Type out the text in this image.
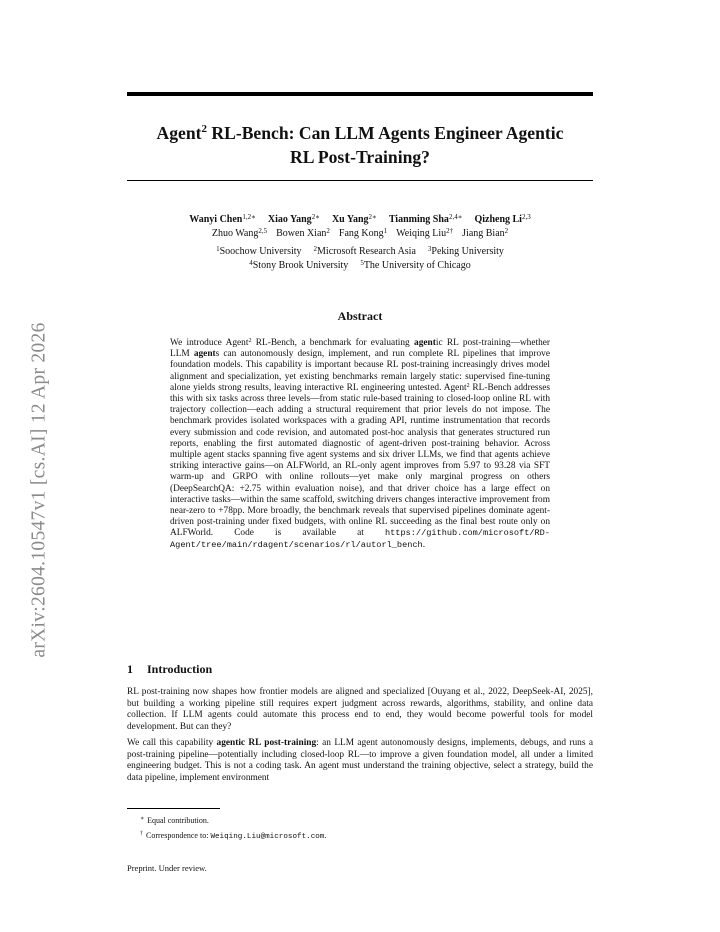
arXiv:2604.10547v1 [cs.AI] 12 Apr 2026
Agent$^2$ RL-Bench: Can LLM Agents Engineer Agentic
RL Post-Training?
Wanyi Chen$^{1,2∗}$ Xiao Yang$^{2∗}$ Xu Yang$^{2∗}$ Tianming Sha$^{2,4∗}$ Qizheng Li$^{2,3}$
Zhuo Wang$^{2,5}$ Bowen Xian$^2$ Fang Kong$^1$ Weiqing Liu$^{2\dagger}$ Jiang Bian$^2$
$^1$Soochow University $^2$Microsoft Research Asia $^3$Peking University
$^4$Stony Brook University $^5$The University of Chicago
Abstract

We introduce Agent$^2$ RL-Bench, a benchmark for evaluating agentic RL post-training—whether LLM agents can autonomously design, implement, and run complete RL pipelines that improve foundation models. This capability is important because RL post-training increasingly drives model alignment and specialization, yet existing benchmarks remain largely static: supervised fine-tuning alone yields strong results, leaving interactive RL engineering untested. Agent$^2$ RL-Bench addresses this with six tasks across three levels—from static rule-based training to closed-loop online RL with trajectory collection—each adding a structural requirement that prior levels do not impose. The benchmark provides isolated workspaces with a grading API, runtime instrumentation that records every submission and code revision, and automated post-hoc analysis that generates structured run reports, enabling the first automated diagnostic of agent-driven post-training behavior. Across multiple agent stacks spanning five agent systems and six driver LLMs, we find that agents achieve striking interactive gains—on ALFWorld, an RL-only agent improves from 5.97 to 93.28 via SFT warm-up and GRPO with online rollouts—yet make only marginal progress on others (DeepSearchQA: +2.75 within evaluation noise), and that driver choice has a large effect on interactive tasks—within the same scaffold, switching drivers changes interactive improvement from near-zero to +78pp. More broadly, the benchmark reveals that supervised pipelines dominate agent-driven post-training under fixed budgets, with online RL succeeding as the final best route only on ALFWorld. Code is available at https://github.com/microsoft/RD-Agent/tree/main/rdagent/scenarios/rl/autorl_bench.

1 Introduction

RL post-training now shapes how frontier models are aligned and specialized [Ouyang et al., 2022, DeepSeek-AI, 2025], but building a working pipeline still requires expert judgment across rewards, algorithms, stability, and online data collection. If LLM agents could automate this process end to end, they would become powerful tools for model development. But can they?

We call this capability agentic RL post-training: an LLM agent autonomously designs, implements, debugs, and runs a post-training pipeline—potentially including closed-loop RL—to improve a given foundation model, all under a limited engineering budget. This is not a coding task. An agent must understand the training objective, select a strategy, build the data pipeline, implement environment

∗ Equal contribution.
† Correspondence to: Weiqing.Liu@microsoft.com.
Preprint. Under review.
